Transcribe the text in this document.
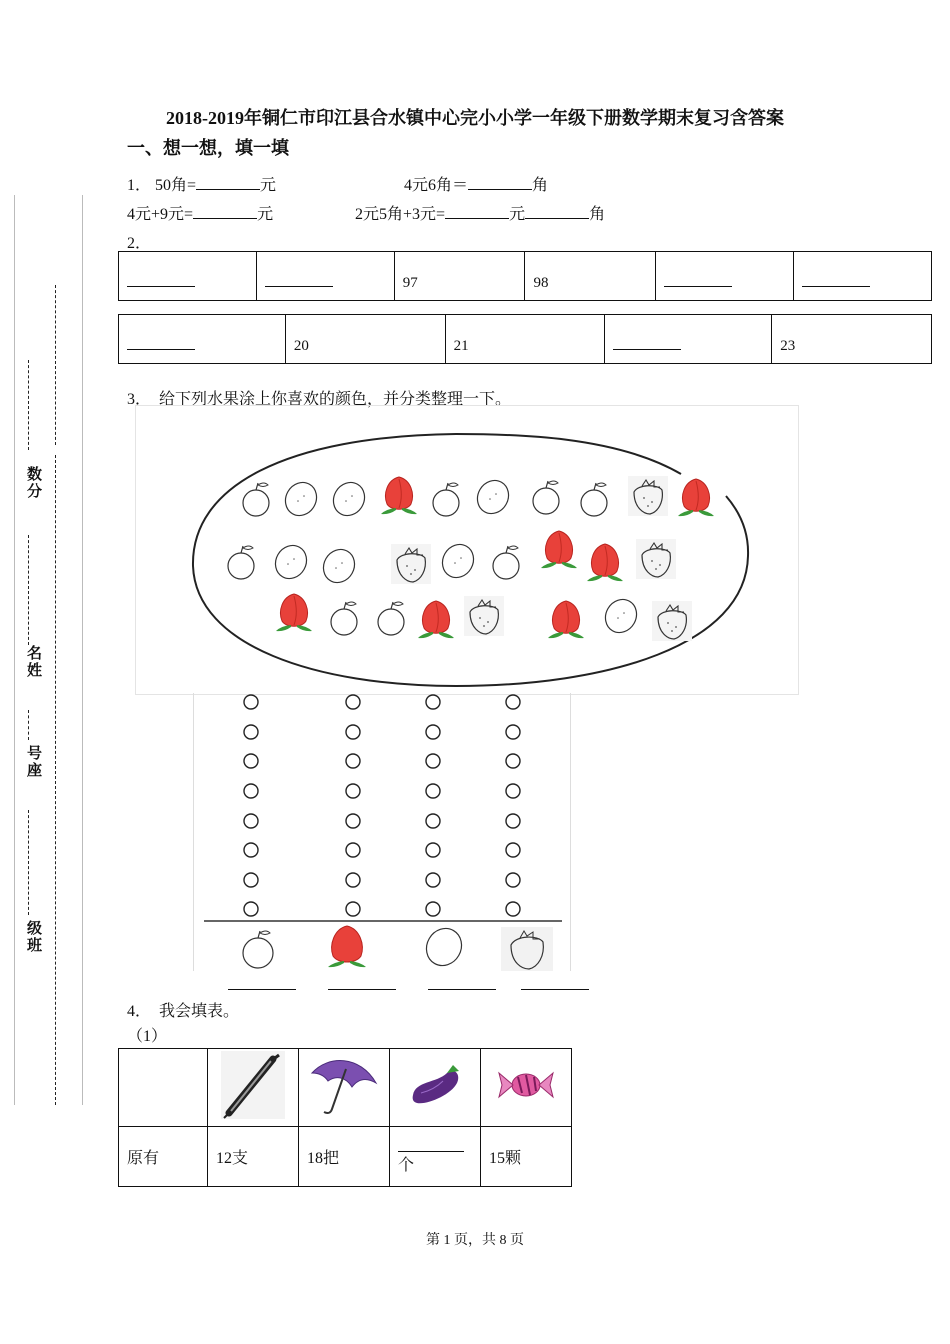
数分
名姓
号座
级班
2018-2019年铜仁市印江县合水镇中心完小小学一年级下册数学期末复习含答案
一、想一想，填一填
1． 50角=	元	4元6角＝	角
4元+9元=	元	2元5角+3元=	元	角
2．
		97	98		
	20	21		23
3． 给下列水果涂上你喜欢的颜色，并分类整理一下。
4． 我会填表。
（1）

原有	12支	18把	个	15颗
第 1 页，共 8 页
